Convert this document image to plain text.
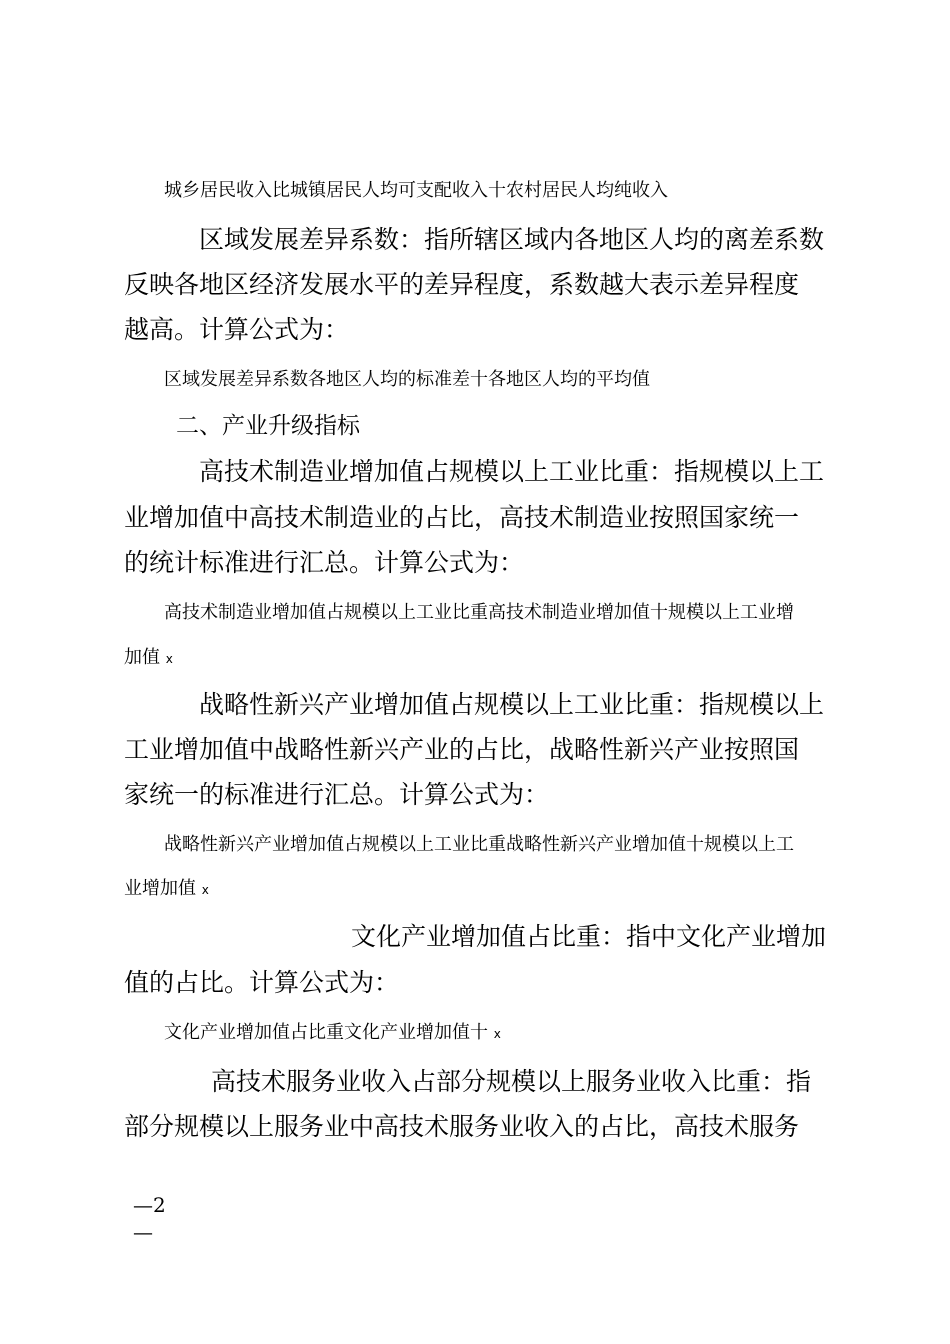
城乡居民收入比城镇居民人均可支配收入十农村居民人均纯收入

区域发展差异系数：指所辖区域内各地区人均的离差系数

反映各地区经济发展水平的差异程度，系数越大表示差异程度

越高。计算公式为：

区域发展差异系数各地区人均的标准差十各地区人均的平均值

二、产业升级指标

高技术制造业增加值占规模以上工业比重：指规模以上工

业增加值中高技术制造业的占比，高技术制造业按照国家统一

的统计标准进行汇总。计算公式为：

高技术制造业增加值占规模以上工业比重高技术制造业增加值十规模以上工业增

加值 x

战略性新兴产业增加值占规模以上工业比重：指规模以上

工业增加值中战略性新兴产业的占比，战略性新兴产业按照国

家统一的标准进行汇总。计算公式为：

战略性新兴产业增加值占规模以上工业比重战略性新兴产业增加值十规模以上工

业增加值 x

文化产业增加值占比重：指中文化产业增加

值的占比。计算公式为：

文化产业增加值占比重文化产业增加值十 x

高技术服务业收入占部分规模以上服务业收入比重：指

部分规模以上服务业中高技术服务业收入的占比，高技术服务

—2
—
